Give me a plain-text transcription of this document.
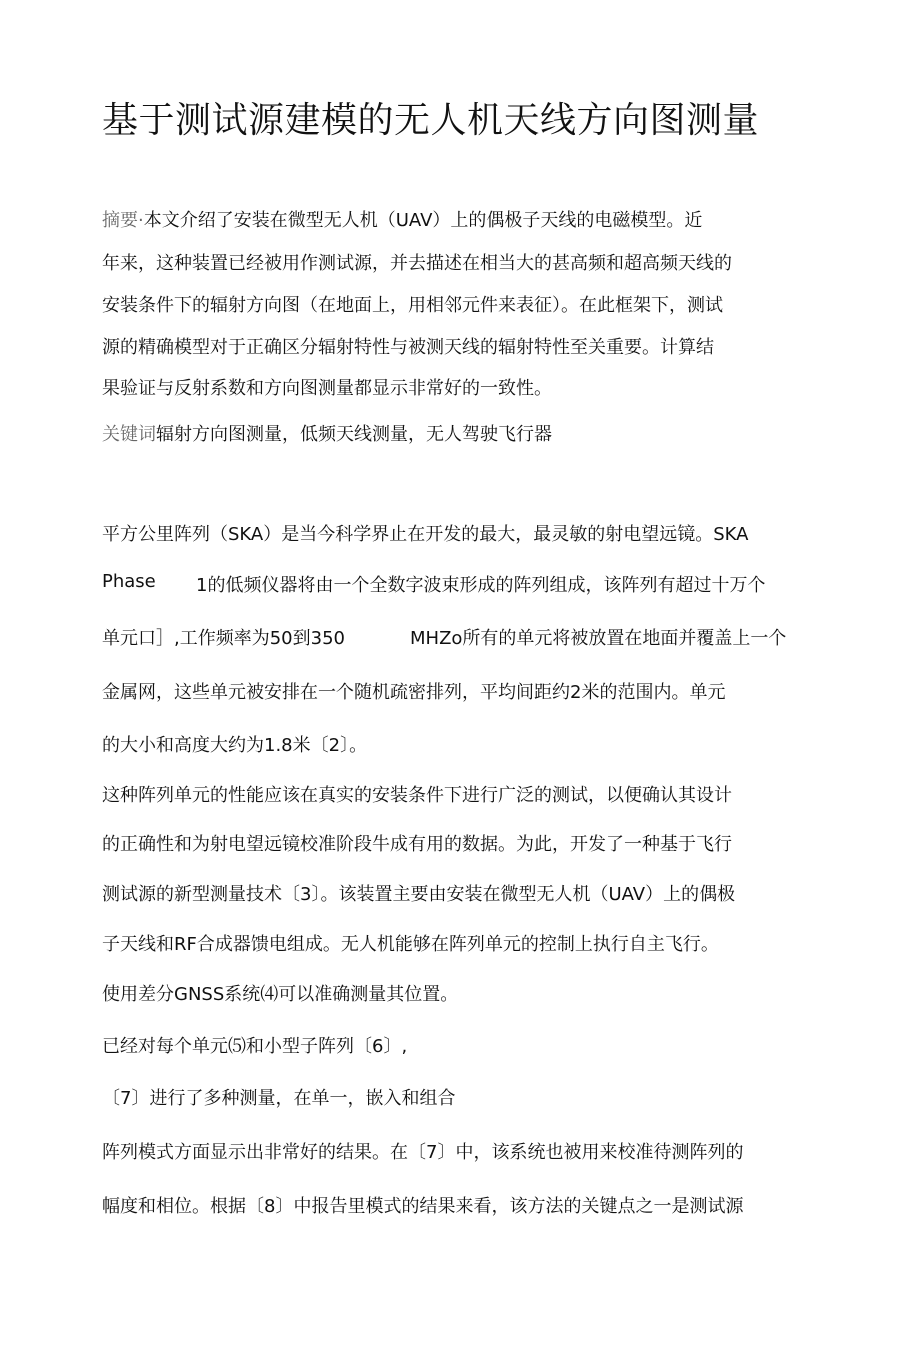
基于测试源建模的无人机天线方向图测量
摘要·本文介绍了安装在微型无人机（UAV）上的偶极子天线的电磁模型。近
年来，这种装置已经被用作测试源，并去描述在相当大的甚高频和超高频天线的
安装条件下的辐射方向图（在地面上，用相邻元件来表征）。在此框架下，测试
源的精确模型对于正确区分辐射特性与被测天线的辐射特性至关重要。计算结
果验证与反射系数和方向图测量都显示非常好的一致性。
关键词辐射方向图测量，低频天线测量，无人驾驶飞行器
平方公里阵列（SKA）是当今科学界止在开发的最大，最灵敏的射电望远镜。SKA
Phase 1的低频仪器将由一个全数字波束形成的阵列组成，该阵列有超过十万个
单元口］,工作频率为50到350	MHZo所有的单元将被放置在地面并覆盖上一个
金属网，这些单元被安排在一个随机疏密排列，平均间距约2米的范围内。单元
的大小和高度大约为1.8米〔2〕。
这种阵列单元的性能应该在真实的安装条件下进行广泛的测试，以便确认其设计
的正确性和为射电望远镜校准阶段牛成有用的数据。为此，开发了一种基于飞行
测试源的新型测量技术〔3〕。该装置主要由安装在微型无人机（UAV）上的偶极
子天线和RF合成器馈电组成。无人机能够在阵列单元的控制上执行自主飞行。
使用差分GNSS系统⑷可以准确测量其位置。
已经对每个单元⑸和小型子阵列〔6〕,
〔7〕进行了多种测量，在单一，嵌入和组合
阵列模式方面显示出非常好的结果。在〔7〕中，该系统也被用来校准待测阵列的
幅度和相位。根据〔8〕中报告里模式的结果来看，该方法的关键点之一是测试源
